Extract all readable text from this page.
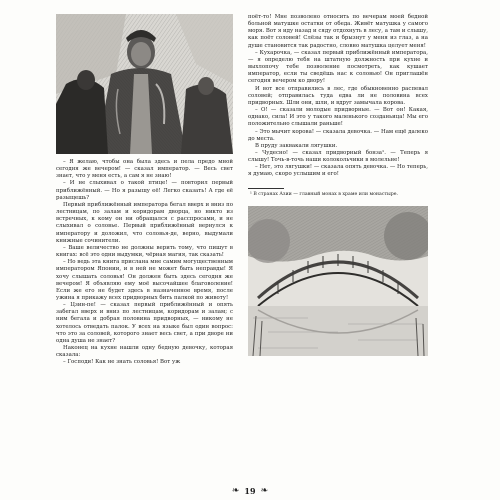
– Я желаю, чтобы она была здесь и пела предо мной сегодня же вечером! — сказал император. — Весь свет знает, что у меня есть, а сам я не знаю!

– И не слыхивал о такой птице! — повторил первый приближённый. — Но я разыщу её! Легко сказать! А где её разыщешь?

Первый приближённый императора бегал вверх и вниз по лестницам, по залам и коридорам дворца, но никто из встречных, к кому он ни обращался с расспросами, и не слыхивал о соловье. Первый приближённый вернулся к императору и доложил, что соловья-де, верно, выдумали книжные сочинители.

– Ваше величество не должны верить тому, что пишут в книгах: всё это одни выдумки, чёрная магия, так сказать!

– Но ведь эта книга прислана мне самим могущественным императором Японии, и в ней не может быть неправды! Я хочу слышать соловья! Он должен быть здесь сегодня же вечером! Я объявляю ему моё высочайшее благоволение! Если же его не будет здесь в назначенное время, после ужина я прикажу всех придворных бить палкой по животу!

– Цзин-пе! — сказал первый приближённый и опять забегал вверх и вниз по лестницам, коридорам и залам; с ним бегала и добрая половина придворных, — никому не хотелось отведать палок. У всех на языке был один вопрос: что это за соловей, которого знает весь свет, а при дворе ни одна душа не знает?

Наконец на кухне нашли одну бедную девочку, которая сказала:

– Господи! Как не знать соловья! Вот уж

поёт-то! Мне позволено относить по вечерам моей бедной больной матушке остатки от обеда. Живёт матушка у самого моря. Вот я иду назад и сяду отдохнуть в лесу, а там и слышу, как поёт соловей! Слёзы так и брызнут у меня из глаз, а на душе становится так радостно, словно матушка целует меня!

– Кухарочка, — сказал первый приближённый императора, — я определю тебя на штатную должность при кухне и выхлопочу тебе позволение посмотреть, как кушает император, если ты сведёшь нас к соловью! Он приглашён сегодня вечером ко двору!

И вот все отправились в лес, где обыкновенно распевал соловей; отправилась туда едва ли не половина всех придворных. Шли они, шли, и вдруг замычала корова.

– О! — сказали молодые придворные. — Вот он! Какая, однако, сила! И это у такого маленького созданьица! Мы его положительно слышали раньше!

– Это мычит корова! — сказала девочка. — Нам ещё далеко до места.

В пруду заквакали лягушки.

– Чудесно! — сказал придворный бонза¹. — Теперь я слышу! Точь-в-точь наши колокольчики в молельне!

– Нет, это лягушки! — сказала опять девочка. — Но теперь, я думаю, скоро услышим и его!

¹ В странах Азии — главный монах в храме или монастыре.
❧ 19 ❧
